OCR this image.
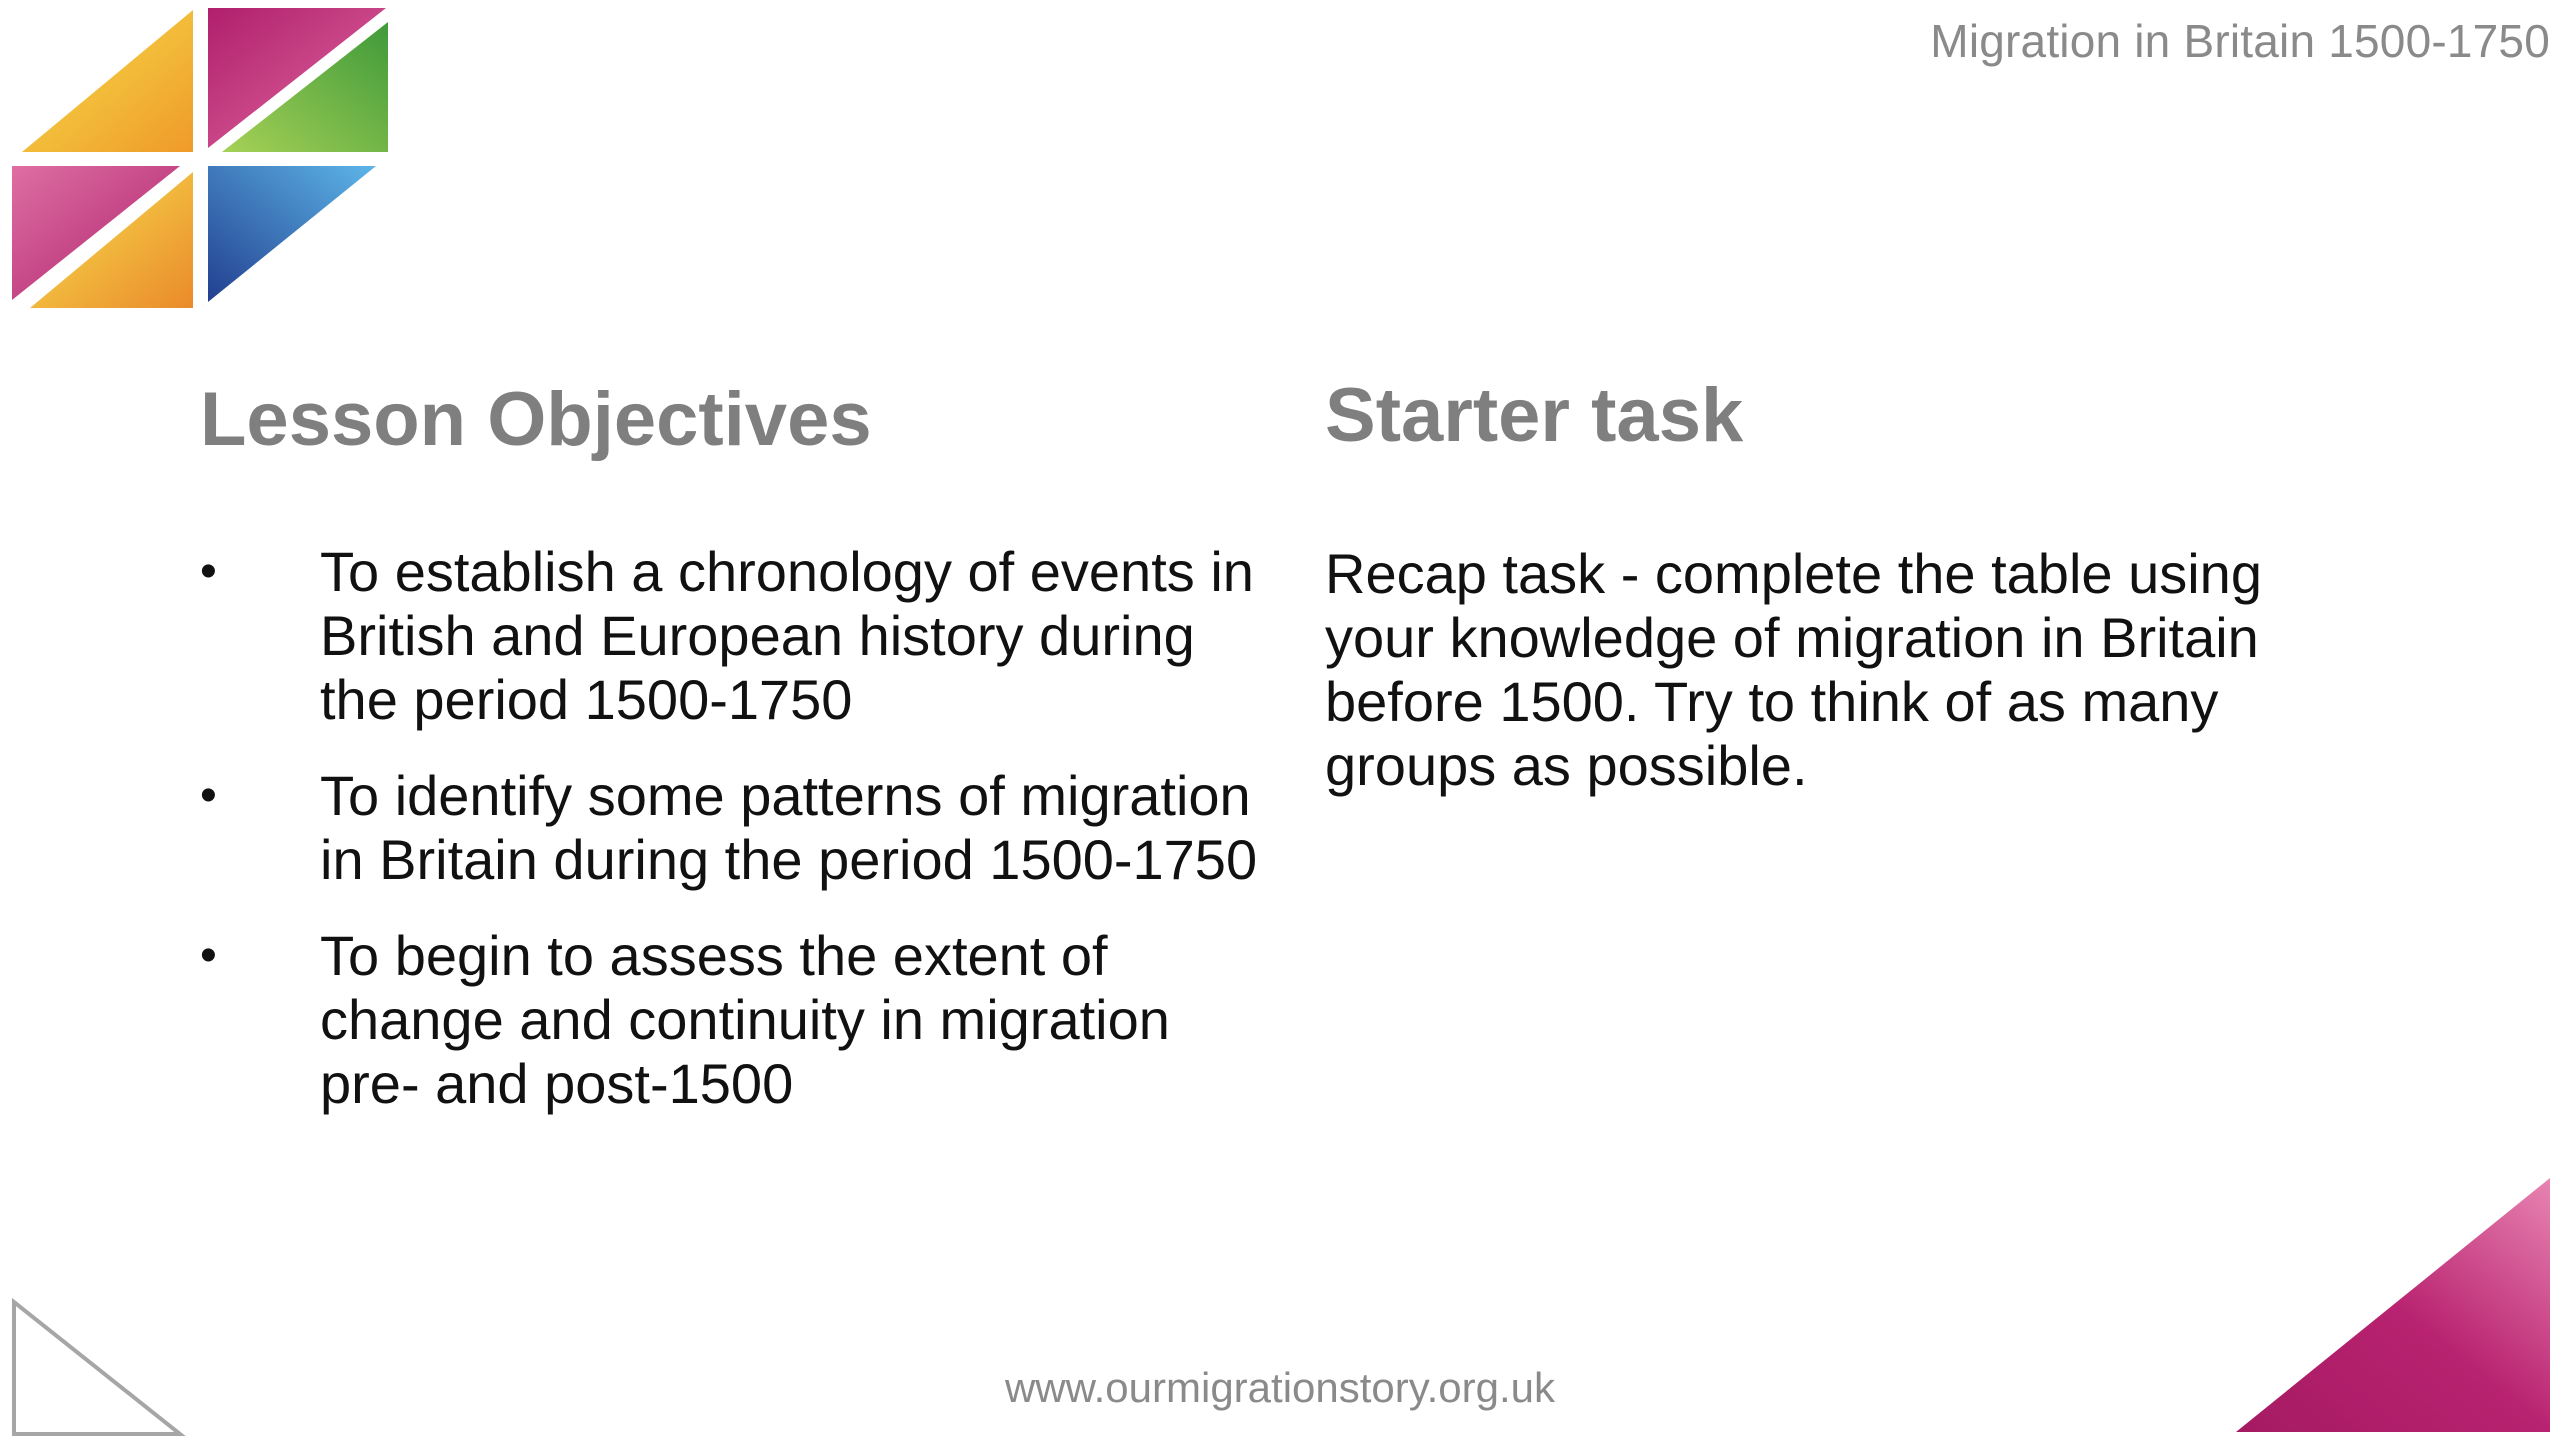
Migration in Britain 1500-1750
Lesson Objectives
• To establish a chronology of events in British and European history during the period 1500-1750
• To identify some patterns of migration in Britain during the period 1500-1750
• To begin to assess the extent of change and continuity in migration pre- and post-1500
Starter task
Recap task - complete the table using your knowledge of migration in Britain before 1500. Try to think of as many groups as possible.
www.ourmigrationstory.org.uk
